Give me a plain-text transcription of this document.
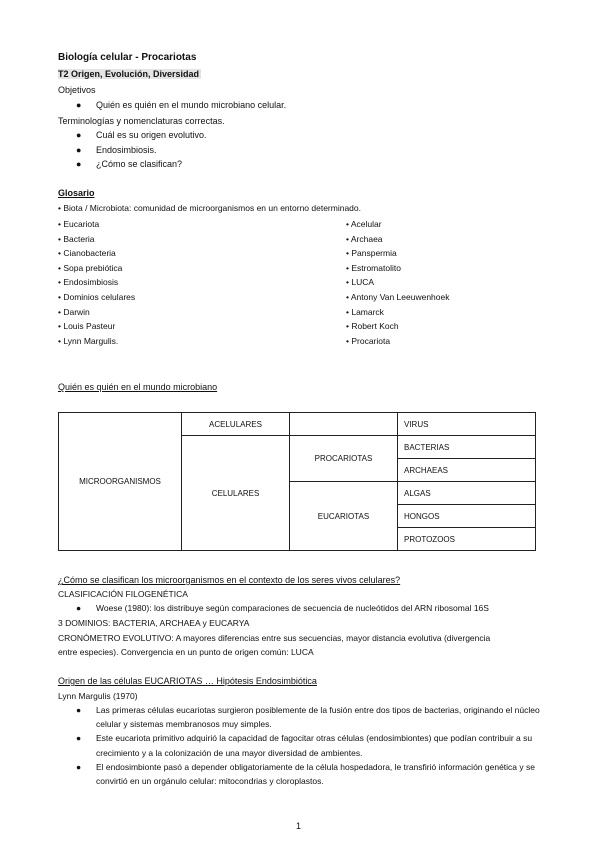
Biología celular - Procariotas
T2 Origen, Evolución, Diversidad
Objetivos
● Quién es quién en el mundo microbiano celular.
Terminologías y nomenclaturas correctas.
● Cuál es su origen evolutivo.
● Endosimbiosis.
● ¿Cómo se clasifican?
Glosario
• Biota / Microbiota: comunidad de microorganismos en un entorno determinado.
• Eucariota
• Bacteria
• Cianobacteria
• Sopa prebiótica
• Endosimbiosis
• Dominios celulares
• Darwin
• Louis Pasteur
• Lynn Margulis.
• Acelular
• Archaea
• Panspermia
• Estromatolito
• LUCA
• Antony Van Leeuwenhoek
• Lamarck
• Robert Koch
• Procariota
Quién es quién en el mundo microbiano
MICROORGANISMOS	ACELULARES		VIRUS
	CELULARES	PROCARIOTAS	BACTERIAS
			ARCHAEAS
		EUCARIOTAS	ALGAS
			HONGOS
			PROTOZOOS
¿Cómo se clasifican los microorganismos en el contexto de los seres vivos celulares?
CLASIFICACIÓN FILOGENÉTICA
● Woese (1980): los distribuye según comparaciones de secuencia de nucleótidos del ARN ribosomal 16S
3 DOMINIOS: BACTERIA, ARCHAEA y EUCARYA
CRONÓMETRO EVOLUTIVO: A mayores diferencias entre sus secuencias, mayor distancia evolutiva (divergencia
entre especies). Convergencia en un punto de origen común: LUCA
Origen de las células EUCARIOTAS … Hipótesis Endosimbiótica
Lynn Margulis (1970)
● Las primeras células eucariotas surgieron posiblemente de la fusión entre dos tipos de bacterias, originando el núcleo celular y sistemas membranosos muy simples.
● Este eucariota primitivo adquirió la capacidad de fagocitar otras células (endosimbiontes) que podían contribuir a su crecimiento y a la colonización de una mayor diversidad de ambientes.
● El endosimbionte pasó a depender obligatoriamente de la célula hospedadora, le transfirió información genética y se convirtió en un orgánulo celular: mitocondrias y cloroplastos.
1
